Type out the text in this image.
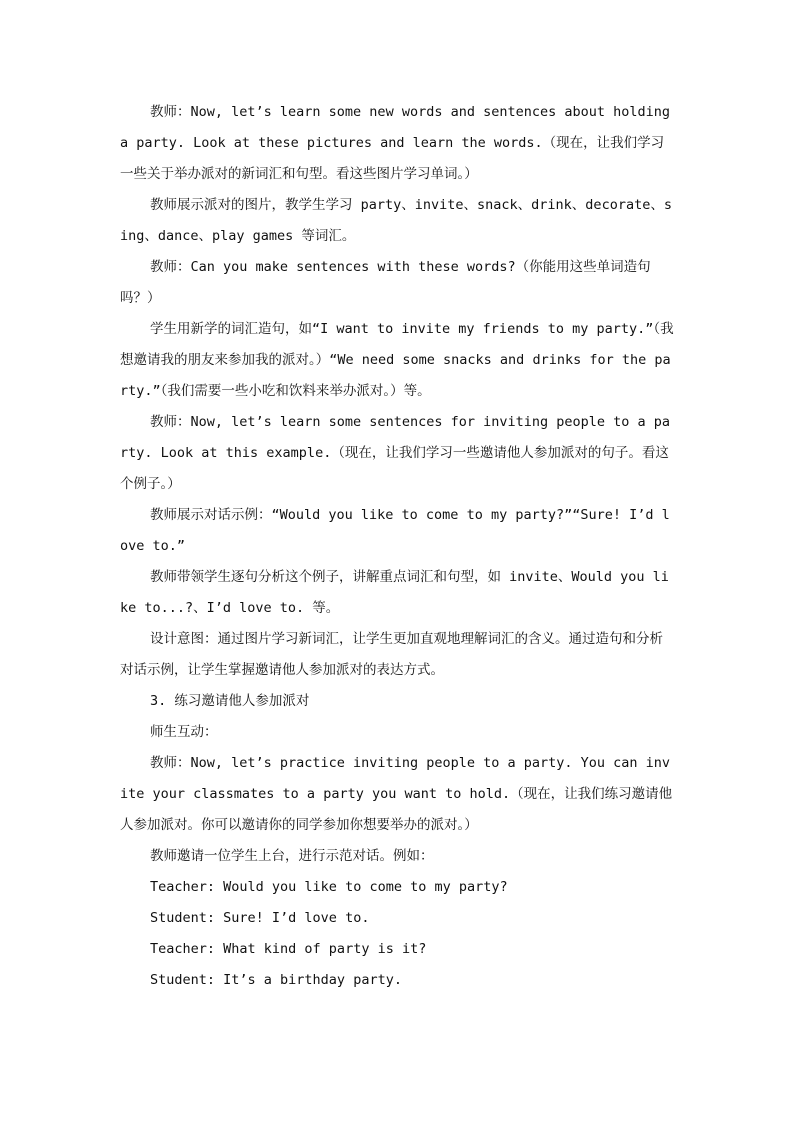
教师：Now, let’s learn some new words and sentences about holding a party. Look at these pictures and learn the words.（现在，让我们学习一些关于举办派对的新词汇和句型。看这些图片学习单词。）

教师展示派对的图片，教学生学习 party、invite、snack、drink、decorate、sing、dance、play games 等词汇。

教师：Can you make sentences with these words?（你能用这些单词造句吗？）

学生用新学的词汇造句，如“I want to invite my friends to my party.”（我想邀请我的朋友来参加我的派对。）“We need some snacks and drinks for the party.”（我们需要一些小吃和饮料来举办派对。）等。

教师：Now, let’s learn some sentences for inviting people to a party. Look at this example.（现在，让我们学习一些邀请他人参加派对的句子。看这个例子。）

教师展示对话示例：“Would you like to come to my party?”“Sure! I’d love to.”

教师带领学生逐句分析这个例子，讲解重点词汇和句型，如 invite、Would you like to...?、I’d love to. 等。

设计意图：通过图片学习新词汇，让学生更加直观地理解词汇的含义。通过造句和分析对话示例，让学生掌握邀请他人参加派对的表达方式。

3. 练习邀请他人参加派对

师生互动：

教师：Now, let’s practice inviting people to a party. You can invite your classmates to a party you want to hold.（现在，让我们练习邀请他人参加派对。你可以邀请你的同学参加你想要举办的派对。）

教师邀请一位学生上台，进行示范对话。例如：

Teacher: Would you like to come to my party?

Student: Sure! I’d love to.

Teacher: What kind of party is it?

Student: It’s a birthday party.
